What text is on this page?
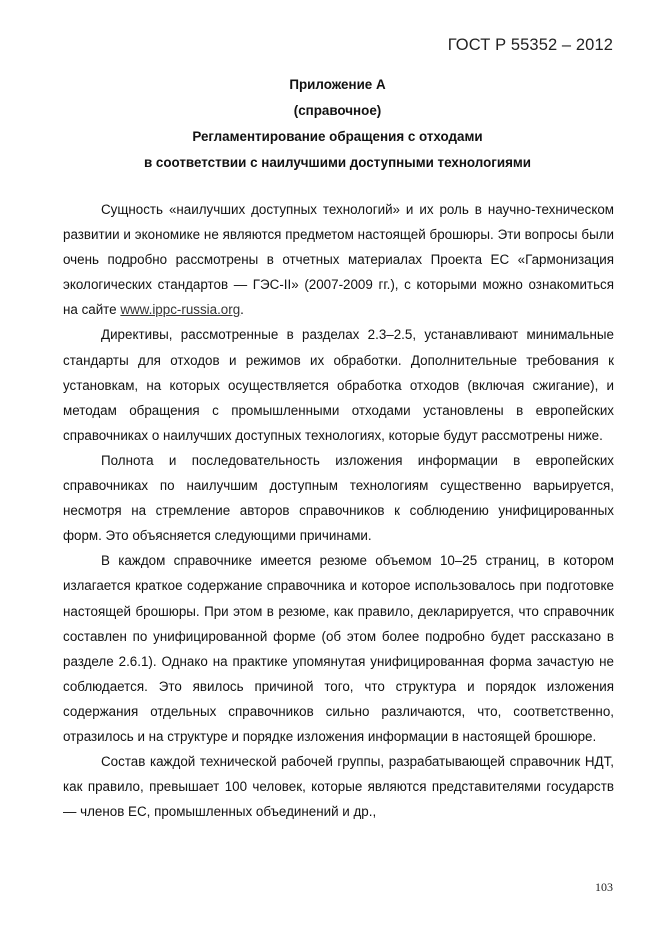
ГОСТ Р 55352 – 2012
Приложение А
(справочное)
Регламентирование обращения с отходами
в соответствии с наилучшими доступными технологиями

Сущность «наилучших доступных технологий» и их роль в научно-техническом развитии и экономике не являются предметом настоящей брошюры. Эти вопросы были очень подробно рассмотрены в отчетных материалах Проекта ЕС «Гармонизация экологических стандартов — ГЭС-II» (2007-2009 гг.), с которыми можно ознакомиться на сайте www.ippc-russia.org.

Директивы, рассмотренные в разделах 2.3–2.5, устанавливают минимальные стандарты для отходов и режимов их обработки. Дополнительные требования к установкам, на которых осуществляется обработка отходов (включая сжигание), и методам обращения с промышленными отходами установлены в европейских справочниках о наилучших доступных технологиях, которые будут рассмотрены ниже.

Полнота и последовательность изложения информации в европейских справочниках по наилучшим доступным технологиям существенно варьируется, несмотря на стремление авторов справочников к соблюдению унифицированных форм. Это объясняется следующими причинами.

В каждом справочнике имеется резюме объемом 10–25 страниц, в котором излагается краткое содержание справочника и которое использовалось при подготовке настоящей брошюры. При этом в резюме, как правило, декларируется, что справочник составлен по унифицированной форме (об этом более подробно будет рассказано в разделе 2.6.1). Однако на практике упомянутая унифицированная форма зачастую не соблюдается. Это явилось причиной того, что структура и порядок изложения содержания отдельных справочников сильно различаются, что, соответственно, отразилось и на структуре и порядке изложения информации в настоящей брошюре.

Состав каждой технической рабочей группы, разрабатывающей справочник НДТ, как правило, превышает 100 человек, которые являются представителями государств — членов ЕС, промышленных объединений и др.,

103
